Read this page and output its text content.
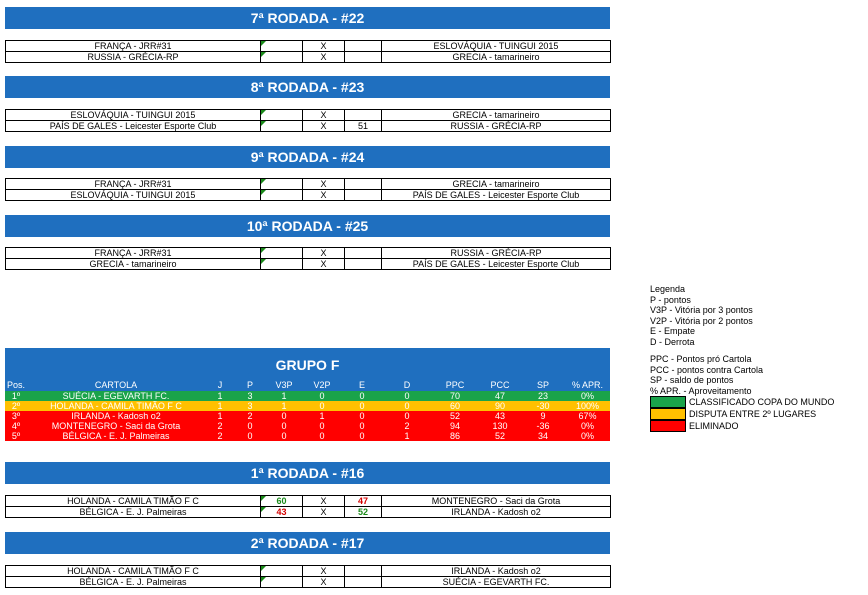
7ª RODADA - #22
FRANÇA - JRR#31		X		ESLOVÁQUIA - TUINGUI 2015
RUSSIA - GRÉCIA-RP		X		GRECIA - tamarineiro
8ª RODADA - #23
ESLOVÁQUIA - TUINGUI 2015		X		GRECIA - tamarineiro
PAÍS DE GALES - Leicester Esporte Club		X	51	RUSSIA - GRÉCIA-RP
9ª RODADA - #24
FRANÇA - JRR#31		X		GRECIA - tamarineiro
ESLOVÁQUIA - TUINGUI 2015		X		PAÍS DE GALES - Leicester Esporte Club
10ª RODADA - #25
FRANÇA - JRR#31		X		RUSSIA - GRÉCIA-RP
GRECIA - tamarineiro		X		PAÍS DE GALES - Leicester Esporte Club
Legenda
P - pontos
V3P - Vitória por 3 pontos
V2P - Vitória por 2 pontos
E - Empate
D - Derrota
PPC - Pontos pró Cartola
PCC - pontos contra Cartola
SP - saldo de pontos
% APR. - Aproveitamento
CLASSIFICADO COPA DO MUNDO
DISPUTA ENTRE 2º LUGARES
ELIMINADO
GRUPO F
Pos.	CARTOLA	J	P	V3P	V2P	E	D	PPC	PCC	SP	% APR.
1º	SUÉCIA - EGEVARTH FC.	1	3	1	0	0	0	70	47	23	0%
2º	HOLANDA - CAMILA TIMÃO F C	1	3	1	0	0	0	60	90	-30	100%
3º	IRLANDA - Kadosh o2	1	2	0	1	0	0	52	43	9	67%
4º	MONTENEGRO - Saci da Grota	2	0	0	0	0	2	94	130	-36	0%
5º	BÉLGICA - E. J. Palmeiras	2	0	0	0	0	1	86	52	34	0%
1ª RODADA - #16
HOLANDA - CAMILA TIMÃO F C	60	X	47	MONTENEGRO - Saci da Grota
BÉLGICA - E. J. Palmeiras	43	X	52	IRLANDA - Kadosh o2
2ª RODADA - #17
HOLANDA - CAMILA TIMÃO F C		X		IRLANDA - Kadosh o2
BÉLGICA - E. J. Palmeiras		X		SUÉCIA - EGEVARTH FC.
